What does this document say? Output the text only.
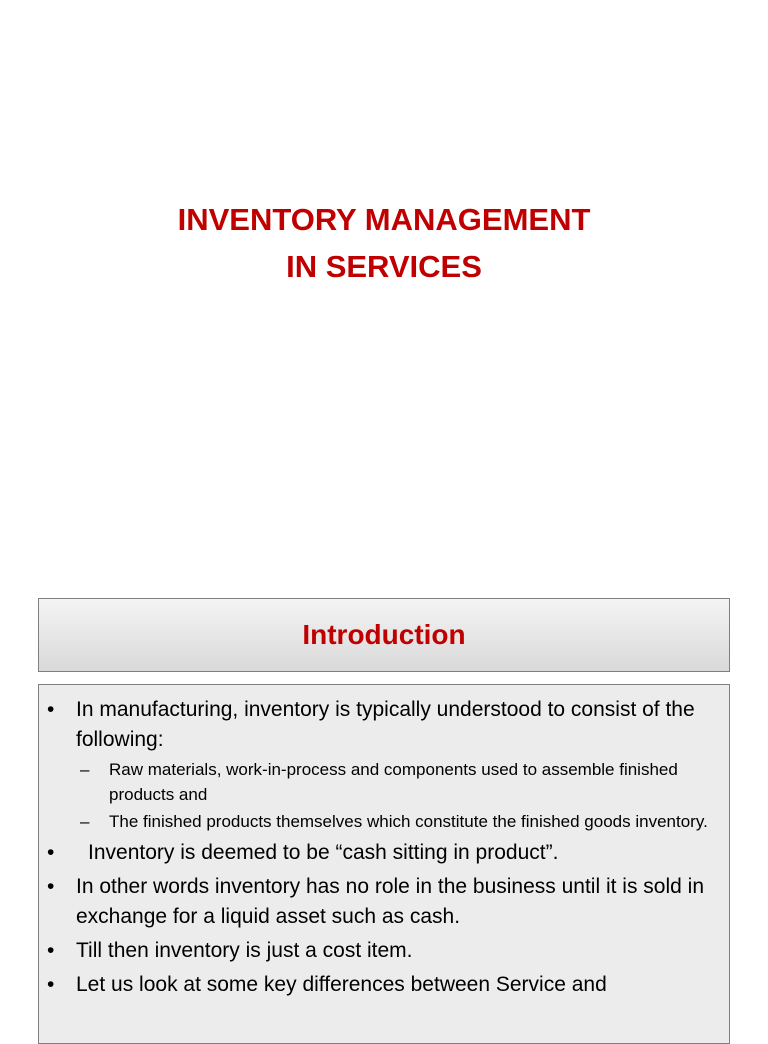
INVENTORY MANAGEMENT
IN SERVICES
Introduction
• In manufacturing, inventory is typically understood to consist of the following:
– Raw materials, work-in-process and components used to assemble finished products and
– The finished products themselves which constitute the finished goods inventory.
• Inventory is deemed to be “cash sitting in product”.
• In other words inventory has no role in the business until it is sold in exchange for a liquid asset such as cash.
• Till then inventory is just a cost item.
• Let us look at some key differences between Service and
